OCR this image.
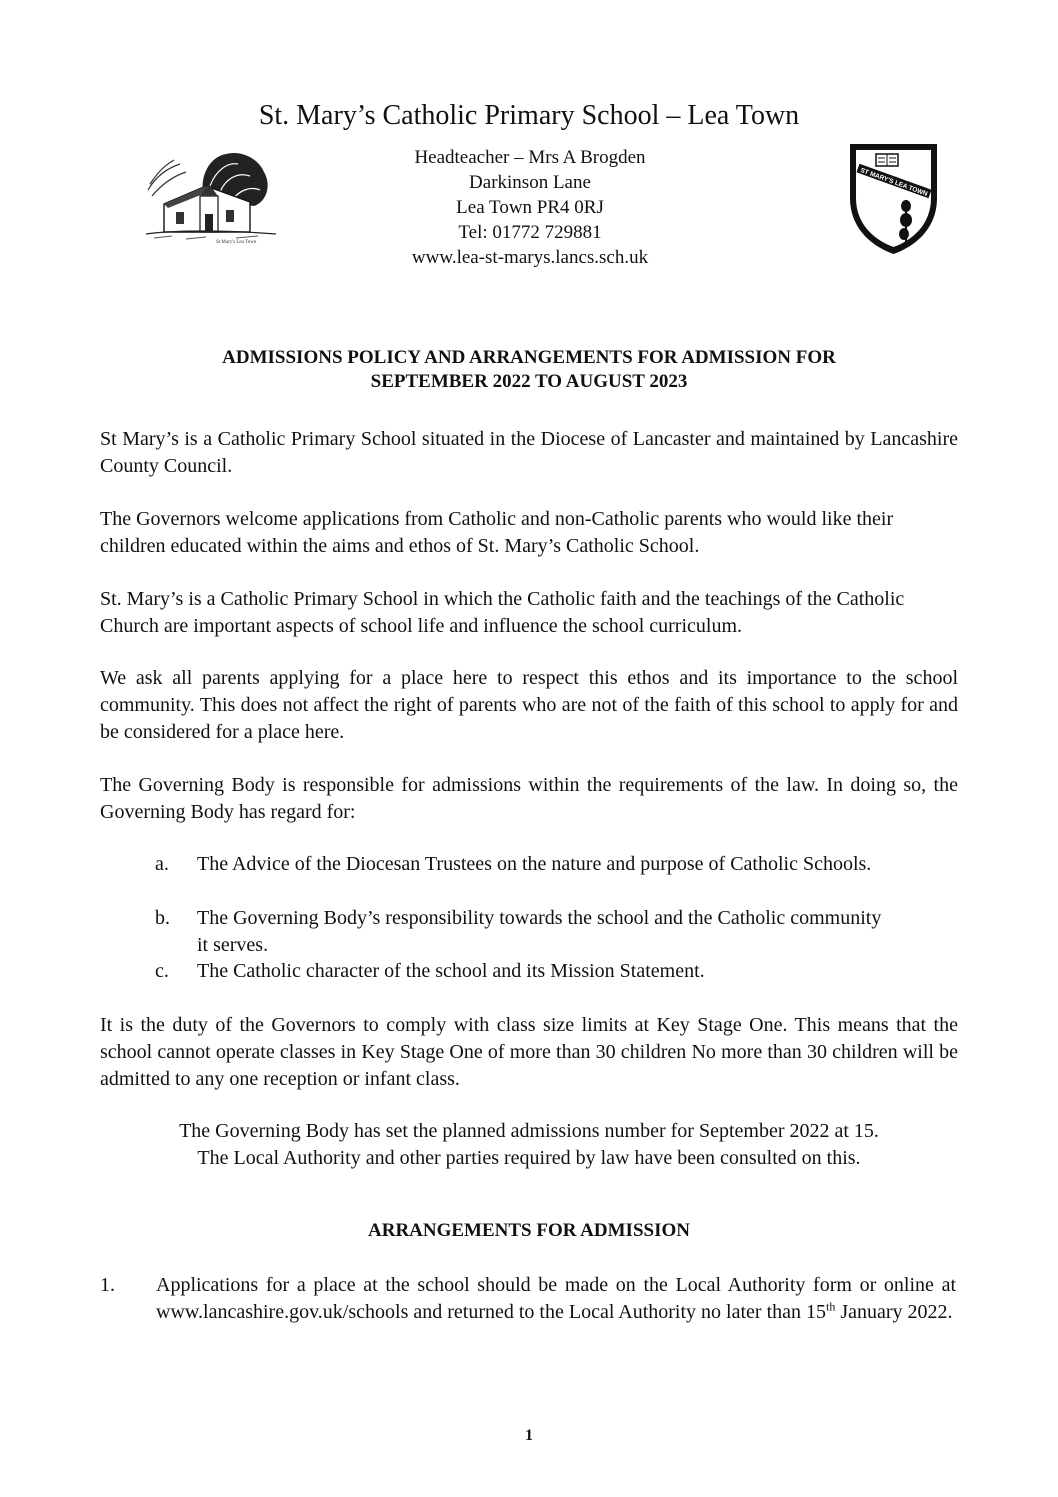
St. Mary’s Catholic Primary School – Lea Town
St Mary's Lea Town
Headteacher – Mrs A Brogden
Darkinson Lane
Lea Town PR4 0RJ
Tel: 01772 729881
www.lea-st-marys.lancs.sch.uk
ST MARY'S LEA TOWN
ADMISSIONS POLICY AND ARRANGEMENTS FOR ADMISSION FOR
SEPTEMBER 2022 TO AUGUST 2023

St Mary’s is a Catholic Primary School situated in the Diocese of Lancaster and maintained by Lancashire County Council.

The Governors welcome applications from Catholic and non-Catholic parents who would like their children educated within the aims and ethos of St. Mary’s Catholic School.

St. Mary’s is a Catholic Primary School in which the Catholic faith and the teachings of the Catholic Church are important aspects of school life and influence the school curriculum.

We ask all parents applying for a place here to respect this ethos and its importance to the school community. This does not affect the right of parents who are not of the faith of this school to apply for and be considered for a place here.

The Governing Body is responsible for admissions within the requirements of the law. In doing so, the Governing Body has regard for:

a.	The Advice of the Diocesan Trustees on the nature and purpose of Catholic Schools.
b.	The Governing Body’s responsibility towards the school and the Catholic community it serves.
c.	The Catholic character of the school and its Mission Statement.

It is the duty of the Governors to comply with class size limits at Key Stage One. This means that the school cannot operate classes in Key Stage One of more than 30 children No more than 30 children will be admitted to any one reception or infant class.

The Governing Body has set the planned admissions number for September 2022 at 15.
The Local Authority and other parties required by law have been consulted on this.
ARRANGEMENTS FOR ADMISSION
1. Applications for a place at the school should be made on the Local Authority form or online at www.lancashire.gov.uk/schools and returned to the Local Authority no later than 15th January 2022.
1
